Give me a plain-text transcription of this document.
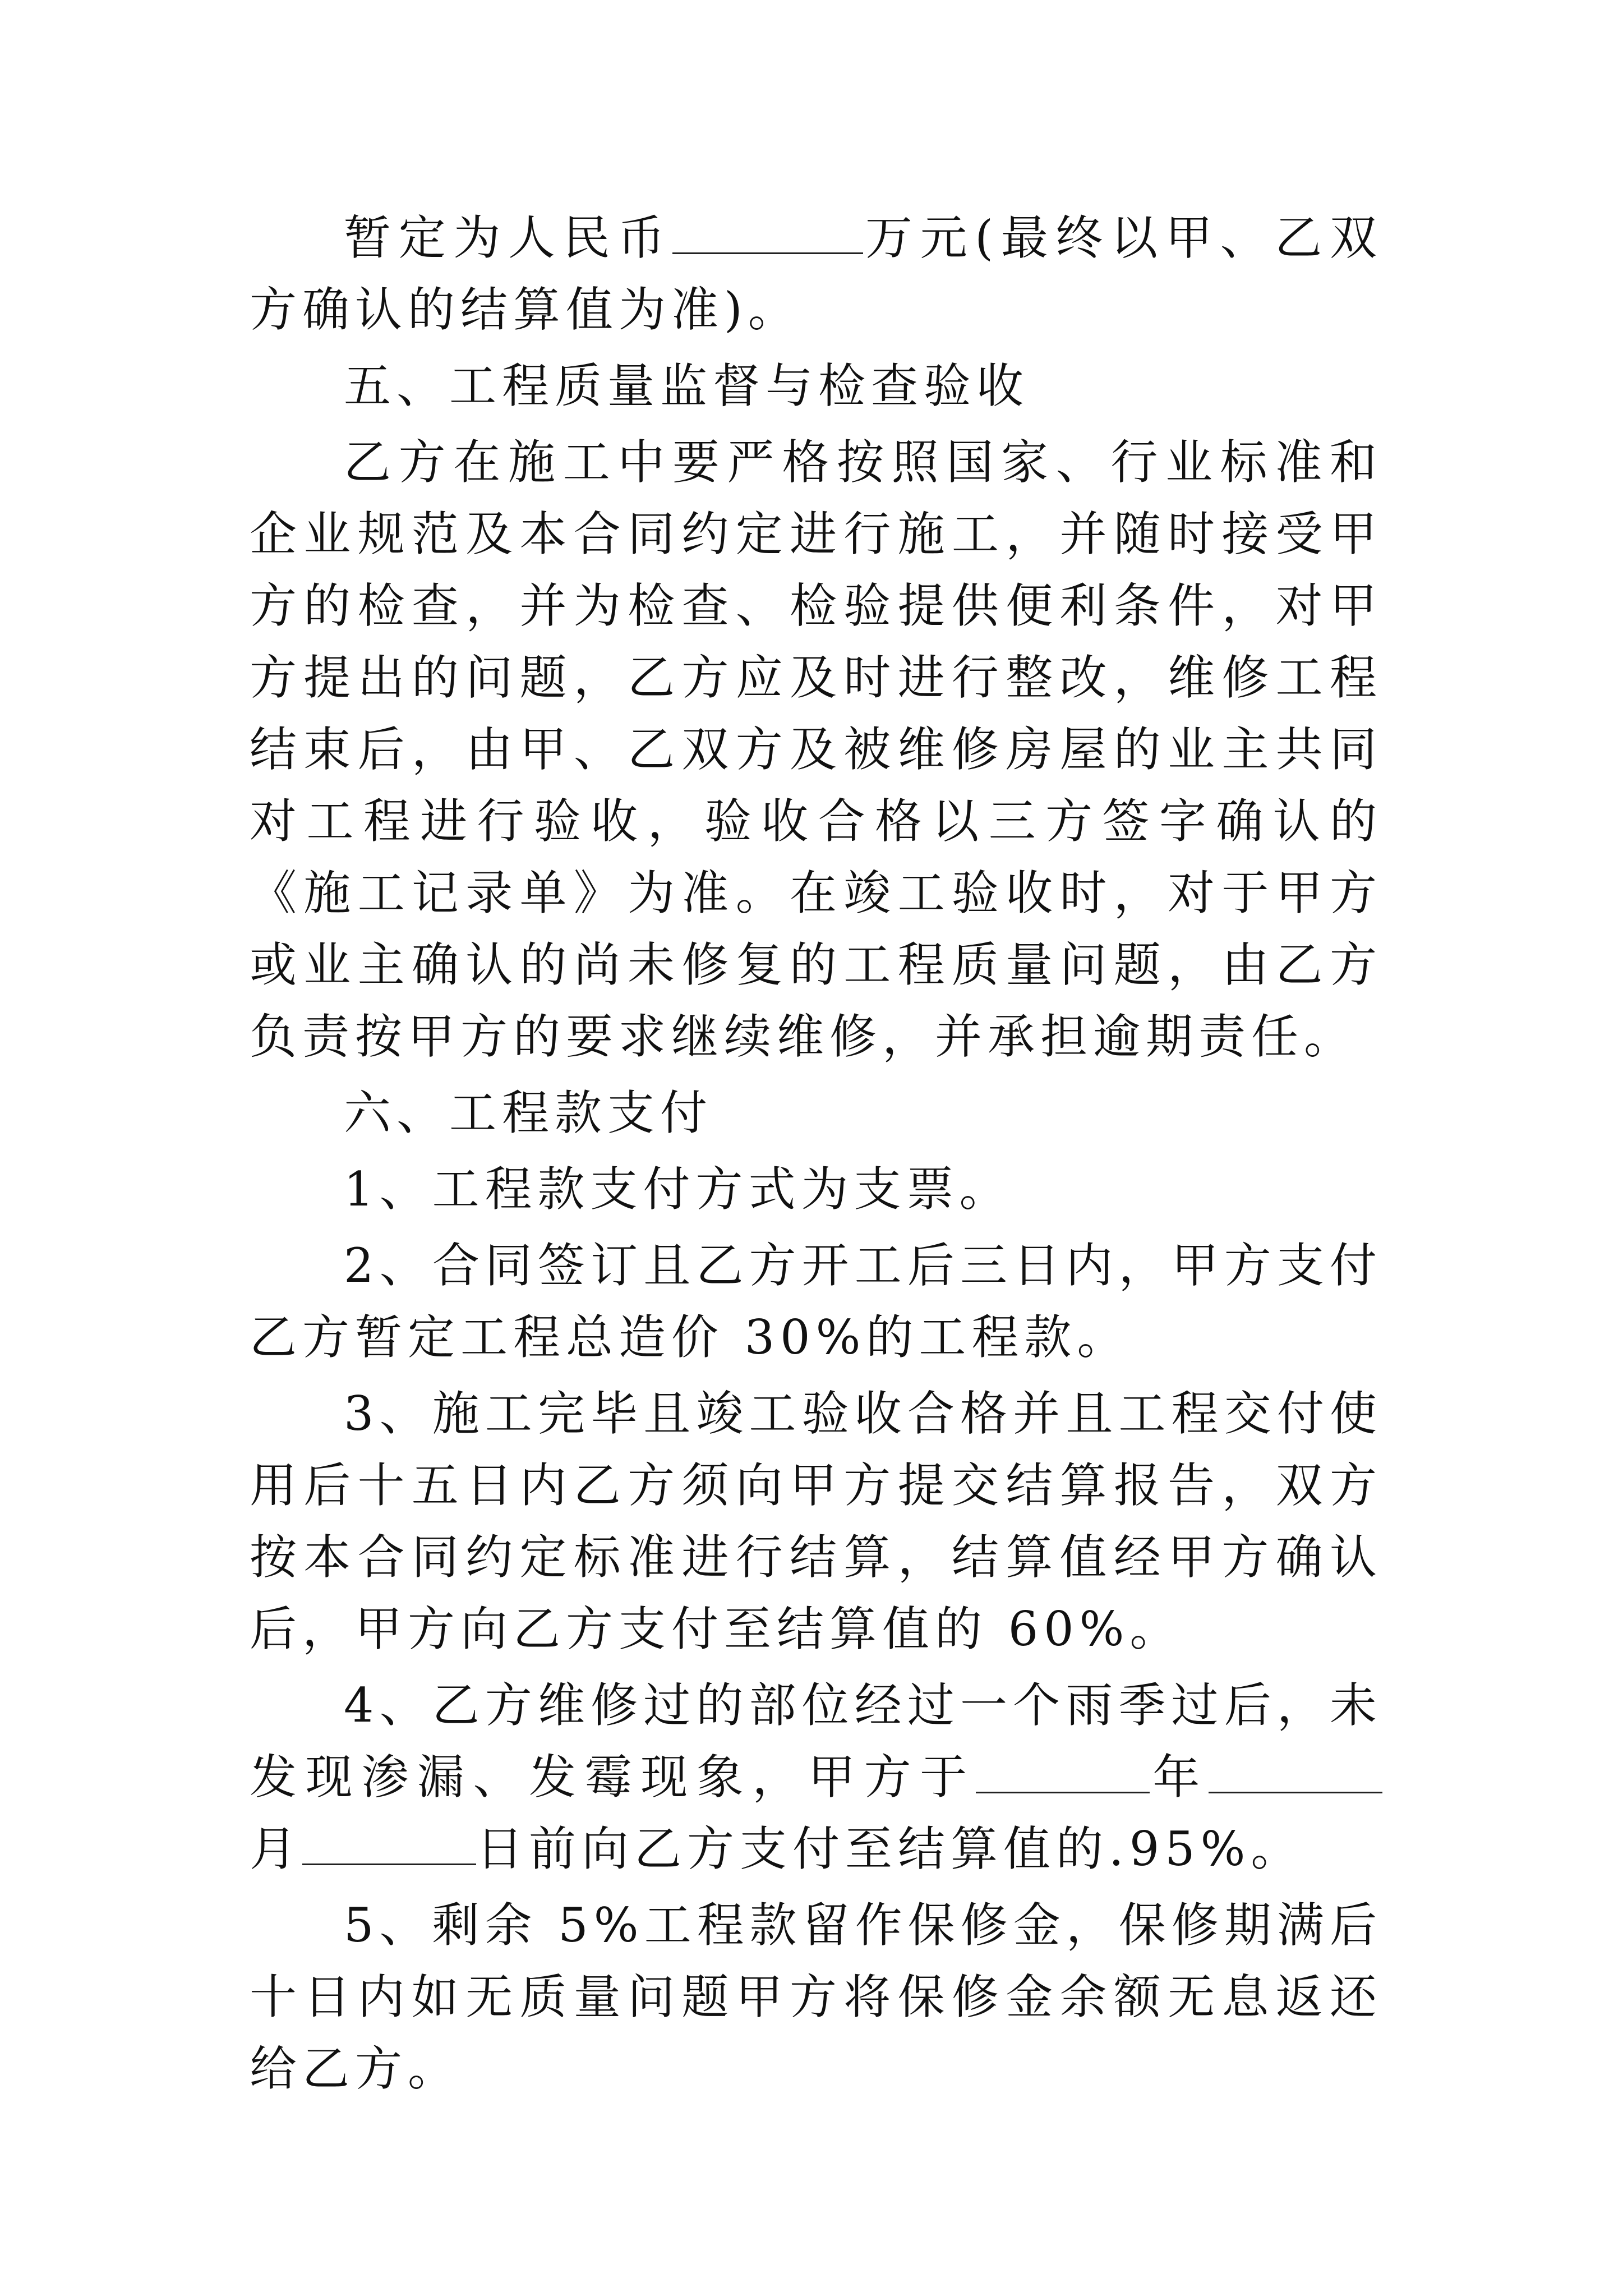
暂定为人民币	万元(最终以甲、乙双方确认的结算值为准)。

五、工程质量监督与检查验收

乙方在施工中要严格按照国家、行业标准和企业规范及本合同约定进行施工，并随时接受甲方的检查，并为检查、检验提供便利条件，对甲方提出的问题，乙方应及时进行整改，维修工程结束后，由甲、乙双方及被维修房屋的业主共同对工程进行验收，验收合格以三方签字确认的《施工记录单》为准。在竣工验收时，对于甲方或业主确认的尚未修复的工程质量问题，由乙方负责按甲方的要求继续维修，并承担逾期责任。

六、工程款支付

1、工程款支付方式为支票。

2、合同签订且乙方开工后三日内，甲方支付乙方暂定工程总造价 30%的工程款。

3、施工完毕且竣工验收合格并且工程交付使用后十五日内乙方须向甲方提交结算报告，双方按本合同约定标准进行结算，结算值经甲方确认后，甲方向乙方支付至结算值的 60%。

4、乙方维修过的部位经过一个雨季过后，未发现渗漏、发霉现象，甲方于	年月	日前向乙方支付至结算值的.95%。

5、剩余 5%工程款留作保修金，保修期满后十日内如无质量问题甲方将保修金余额无息返还给乙方。
